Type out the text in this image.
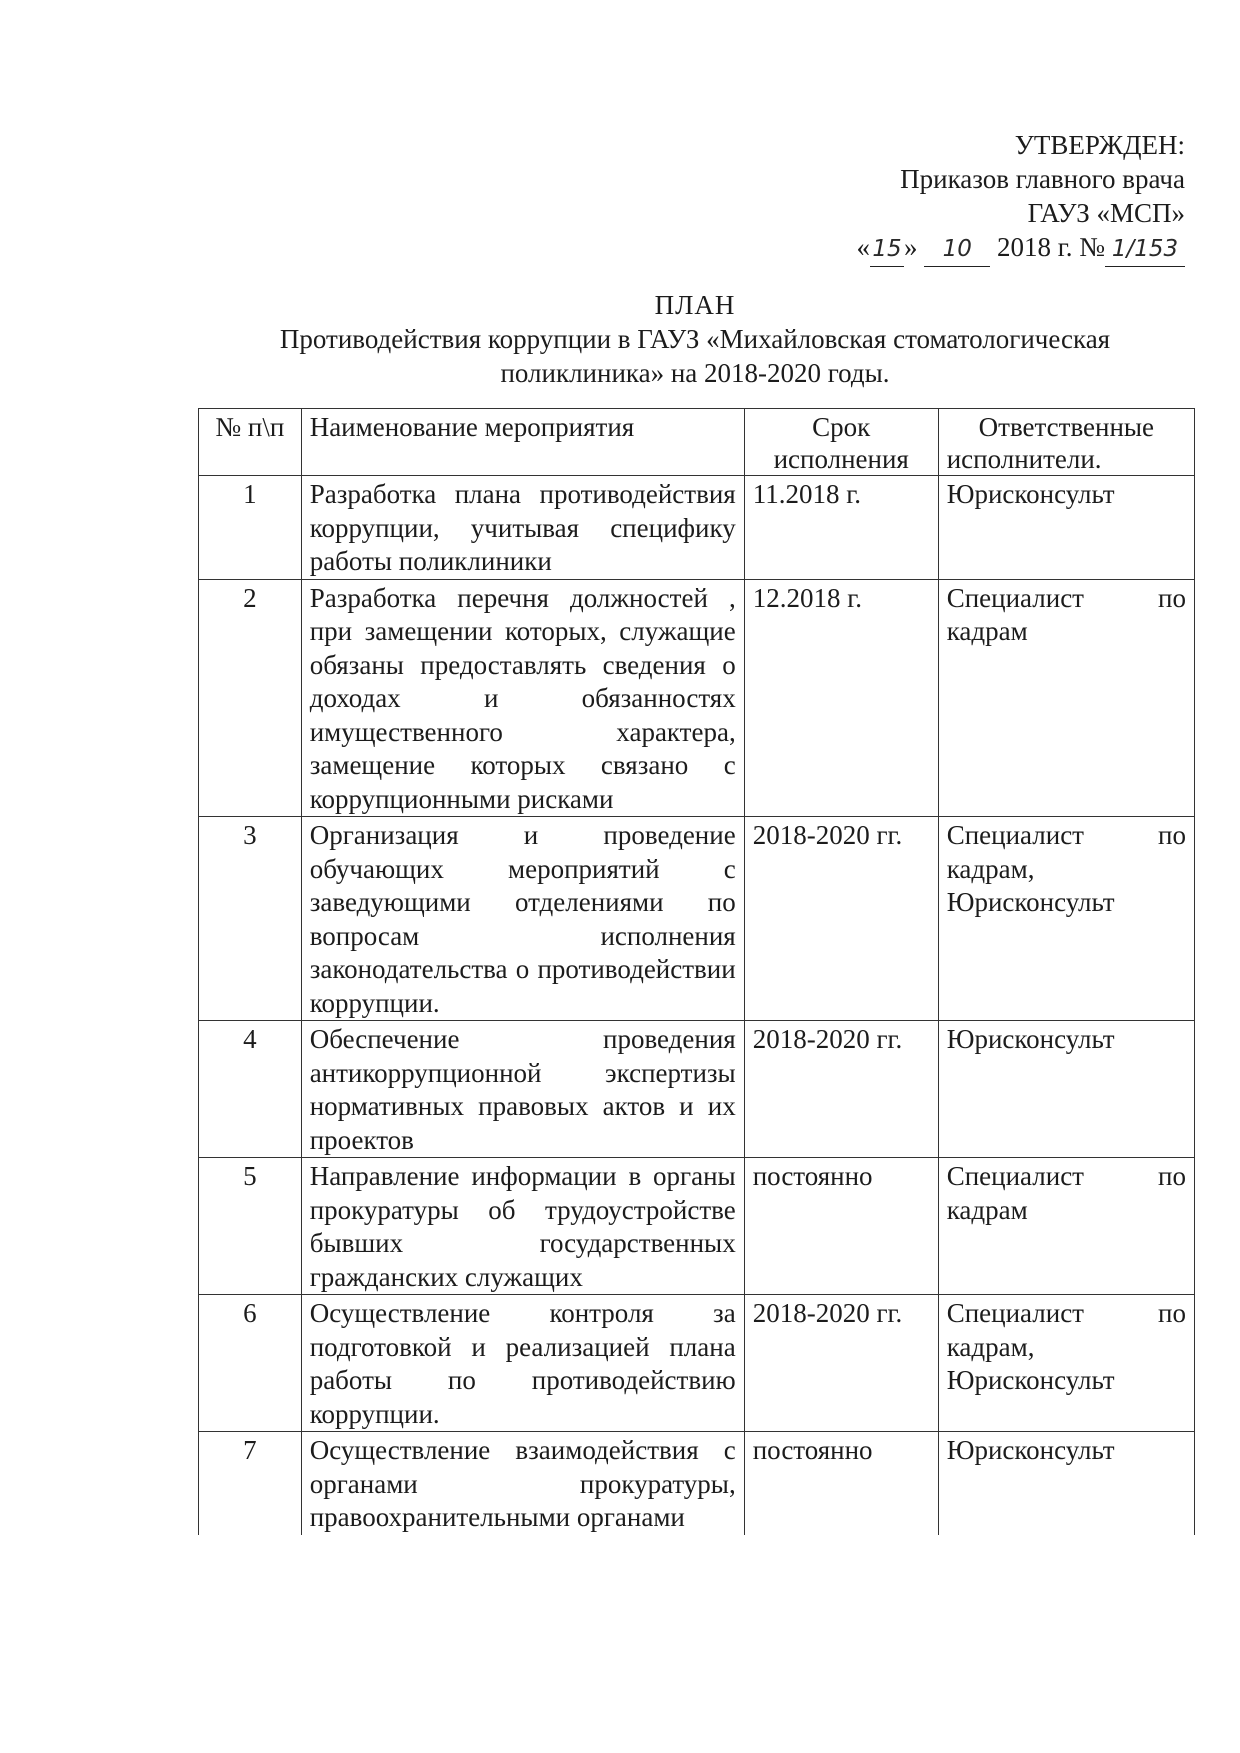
УТВЕРЖДЕН:
Приказов главного врача
ГАУЗ «МСП»
« 15» 10 2018 г. № 1/153
ПЛАН
Противодействия коррупции в ГАУЗ «Михайловская стоматологическая
поликлиника» на 2018-2020 годы.
№ п\п	Наименование мероприятия	Срок исполнения	Ответственные исполнители.
1	Разработка плана противодействия коррупции, учитывая специфику работы поликлиники	11.2018 г.	Юрисконсульт
2	Разработка перечня должностей , при замещении которых, служащие обязаны предоставлять сведения о доходах и обязанностях имущественного характера, замещение которых связано с коррупционными рисками	12.2018 г.	Специалист по кадрам
3	Организация и проведение обучающих мероприятий с заведующими отделениями по вопросам исполнения законодательства о противодействии коррупции.	2018-2020 гг.	Специалист по кадрам, Юрисконсульт
4	Обеспечение проведения антикоррупционной экспертизы нормативных правовых актов и их проектов	2018-2020 гг.	Юрисконсульт
5	Направление информации в органы прокуратуры об трудоустройстве бывших государственных гражданских служащих	постоянно	Специалист по кадрам
6	Осуществление контроля за подготовкой и реализацией плана работы по противодействию коррупции.	2018-2020 гг.	Специалист по кадрам, Юрисконсульт
7	Осуществление взаимодействия с органами прокуратуры, правоохранительными органами	постоянно	Юрисконсульт
